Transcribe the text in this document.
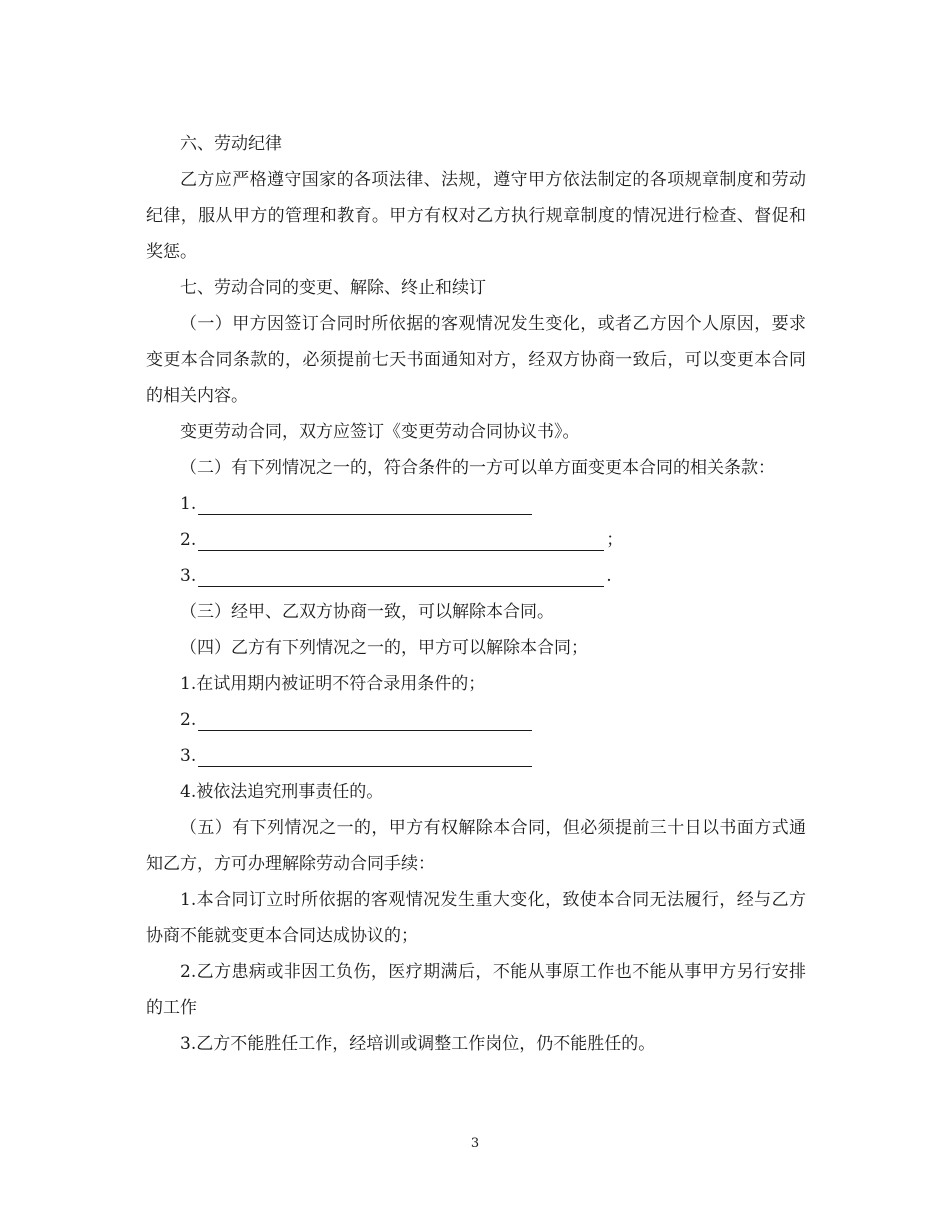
六、劳动纪律

乙方应严格遵守国家的各项法律、法规，遵守甲方依法制定的各项规章制度和劳动纪律，服从甲方的管理和教育。甲方有权对乙方执行规章制度的情况进行检查、督促和奖惩。

七、劳动合同的变更、解除、终止和续订

（一）甲方因签订合同时所依据的客观情况发生变化，或者乙方因个人原因，要求变更本合同条款的，必须提前七天书面通知对方，经双方协商一致后，可以变更本合同的相关内容。

变更劳动合同，双方应签订《变更劳动合同协议书》。

（二）有下列情况之一的，符合条件的一方可以单方面变更本合同的相关条款：

1.
2.	；
3.	.

（三）经甲、乙双方协商一致，可以解除本合同。

（四）乙方有下列情况之一的，甲方可以解除本合同；

1.在试用期内被证明不符合录用条件的；

2.
3.

4.被依法追究刑事责任的。

（五）有下列情况之一的，甲方有权解除本合同，但必须提前三十日以书面方式通知乙方，方可办理解除劳动合同手续：

1.本合同订立时所依据的客观情况发生重大变化，致使本合同无法履行，经与乙方协商不能就变更本合同达成协议的；

2.乙方患病或非因工负伤，医疗期满后，不能从事原工作也不能从事甲方另行安排的工作

3.乙方不能胜任工作，经培训或调整工作岗位，仍不能胜任的。

3
